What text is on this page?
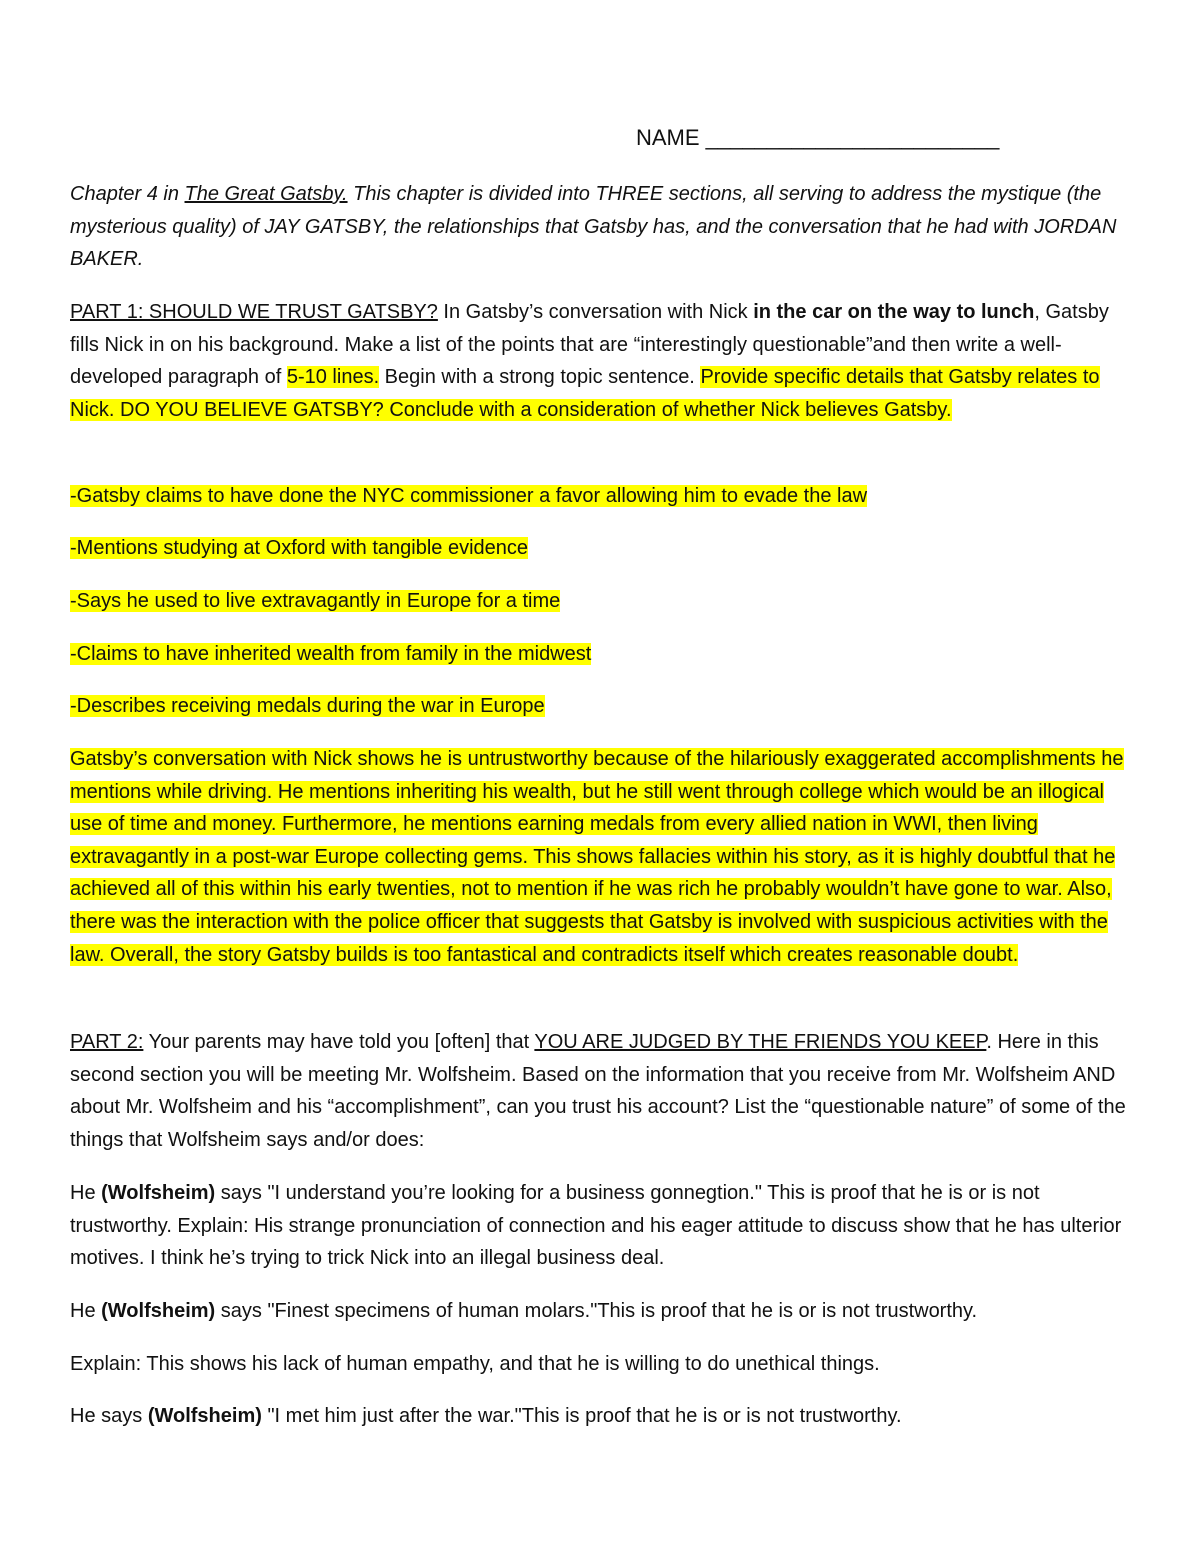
NAME ________________________
Chapter 4 in The Great Gatsby. This chapter is divided into THREE sections, all serving to address the mystique (the mysterious quality) of JAY GATSBY, the relationships that Gatsby has, and the conversation that he had with JORDAN BAKER.
PART 1: SHOULD WE TRUST GATSBY? In Gatsby’s conversation with Nick in the car on the way to lunch, Gatsby fills Nick in on his background. Make a list of the points that are “interestingly questionable”and then write a well-developed paragraph of 5-10 lines. Begin with a strong topic sentence. Provide specific details that Gatsby relates to Nick. DO YOU BELIEVE GATSBY? Conclude with a consideration of whether Nick believes Gatsby.
-Gatsby claims to have done the NYC commissioner a favor allowing him to evade the law
-Mentions studying at Oxford with tangible evidence
-Says he used to live extravagantly in Europe for a time
-Claims to have inherited wealth from family in the midwest
-Describes receiving medals during the war in Europe
Gatsby’s conversation with Nick shows he is untrustworthy because of the hilariously exaggerated accomplishments he mentions while driving. He mentions inheriting his wealth, but he still went through college which would be an illogical use of time and money. Furthermore, he mentions earning medals from every allied nation in WWI, then living extravagantly in a post-war Europe collecting gems. This shows fallacies within his story, as it is highly doubtful that he achieved all of this within his early twenties, not to mention if he was rich he probably wouldn’t have gone to war. Also, there was the interaction with the police officer that suggests that Gatsby is involved with suspicious activities with the law. Overall, the story Gatsby builds is too fantastical and contradicts itself which creates reasonable doubt.
PART 2: Your parents may have told you [often] that YOU ARE JUDGED BY THE FRIENDS YOU KEEP. Here in this second section you will be meeting Mr. Wolfsheim. Based on the information that you receive from Mr. Wolfsheim AND about Mr. Wolfsheim and his “accomplishment”, can you trust his account? List the “questionable nature” of some of the things that Wolfsheim says and/or does:
He (Wolfsheim) says "I understand you’re looking for a business gonnegtion." This is proof that he is or is not trustworthy. Explain: His strange pronunciation of connection and his eager attitude to discuss show that he has ulterior motives. I think he’s trying to trick Nick into an illegal business deal.
He (Wolfsheim) says "Finest specimens of human molars."This is proof that he is or is not trustworthy.
Explain: This shows his lack of human empathy, and that he is willing to do unethical things.
He says (Wolfsheim) "I met him just after the war."This is proof that he is or is not trustworthy.
